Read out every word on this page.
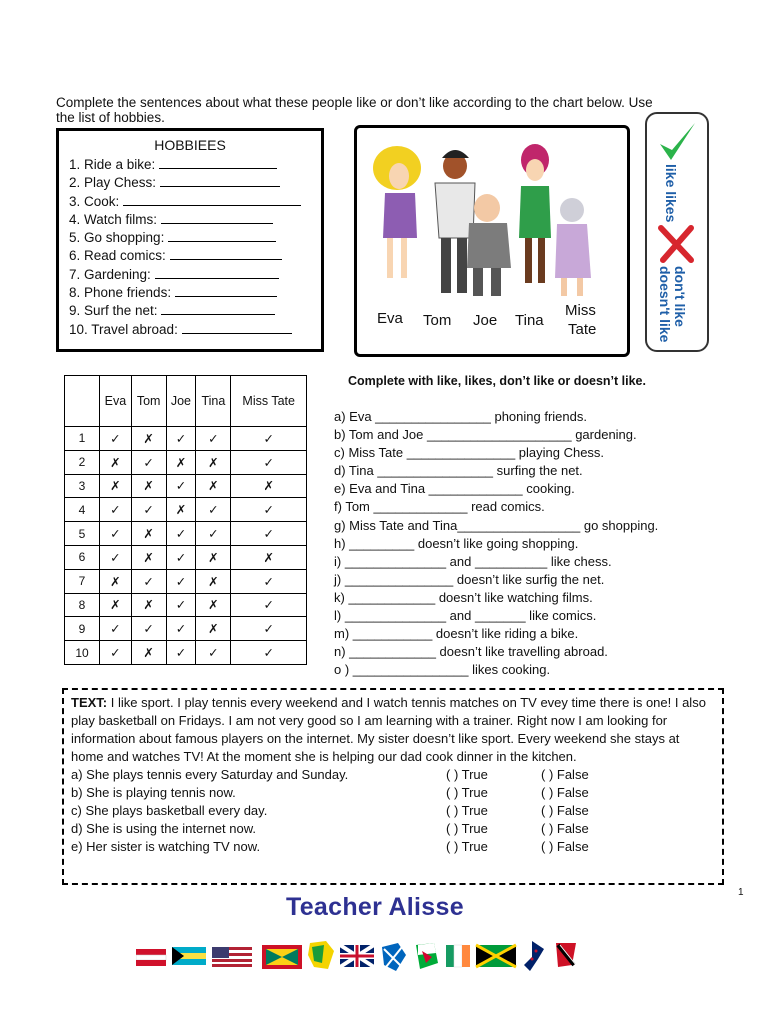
Complete the sentences about what these people like or don’t like according to the chart below. Use the list of hobbies.
HOBBIEES
1. Ride a bike:
2. Play Chess:
3. Cook:
4. Watch films:
5. Go shopping:
6. Read comics:
7. Gardening:
8. Phone friends:
9. Surf the net:
10. Travel abroad:
Eva Tom Joe Tina
Miss
Tate
like likes
don't like doesn't like
	Eva	Tom	Joe	Tina	Miss Tate
1	✓	✗	✓	✓	✓
2	✗	✓	✗	✗	✓
3	✗	✗	✓	✗	✗
4	✓	✓	✗	✓	✓
5	✓	✗	✓	✓	✓
6	✓	✗	✓	✗	✗
7	✗	✓	✓	✗	✓
8	✗	✗	✓	✗	✓
9	✓	✓	✓	✗	✓
10	✓	✗	✓	✓	✓
Complete with like, likes, don’t like or doesn’t like.
a) Eva ________________ phoning friends.
b) Tom and Joe ____________________ gardening.
c) Miss Tate _______________ playing Chess.
d) Tina ________________ surfing the net.
e) Eva and Tina _____________ cooking.
f) Tom _____________ read comics.
g) Miss Tate and Tina_________________ go shopping.
h) _________ doesn’t like going shopping.
i) ______________ and __________ like chess.
j) _______________ doesn’t like surfig the net.
k) ____________ doesn’t like watching films.
l) ______________ and _______ like comics.
m) ___________ doesn’t like riding a bike.
n) ____________ doesn’t like travelling abroad.
o ) ________________ likes cooking.

TEXT: I like sport. I play tennis every weekend and I watch tennis matches on TV evey time there is one! I also play basketball on Fridays. I am not very good so I am learning with a trainer. Right now I am looking for information about famous players on the internet. My sister doesn’t like sport. Every weekend she stays at home and watches TV! At the moment she is helping our dad cook dinner in the kitchen.

a) She plays tennis every Saturday and Sunday.	( ) True	( ) False
b) She is playing tennis now.	( ) True	( ) False
c) She plays basketball every day.	( ) True	( ) False
d) She is using the internet now.	( ) True	( ) False
e) Her sister is watching TV now.	( ) True	( ) False
1
Teacher Alisse
